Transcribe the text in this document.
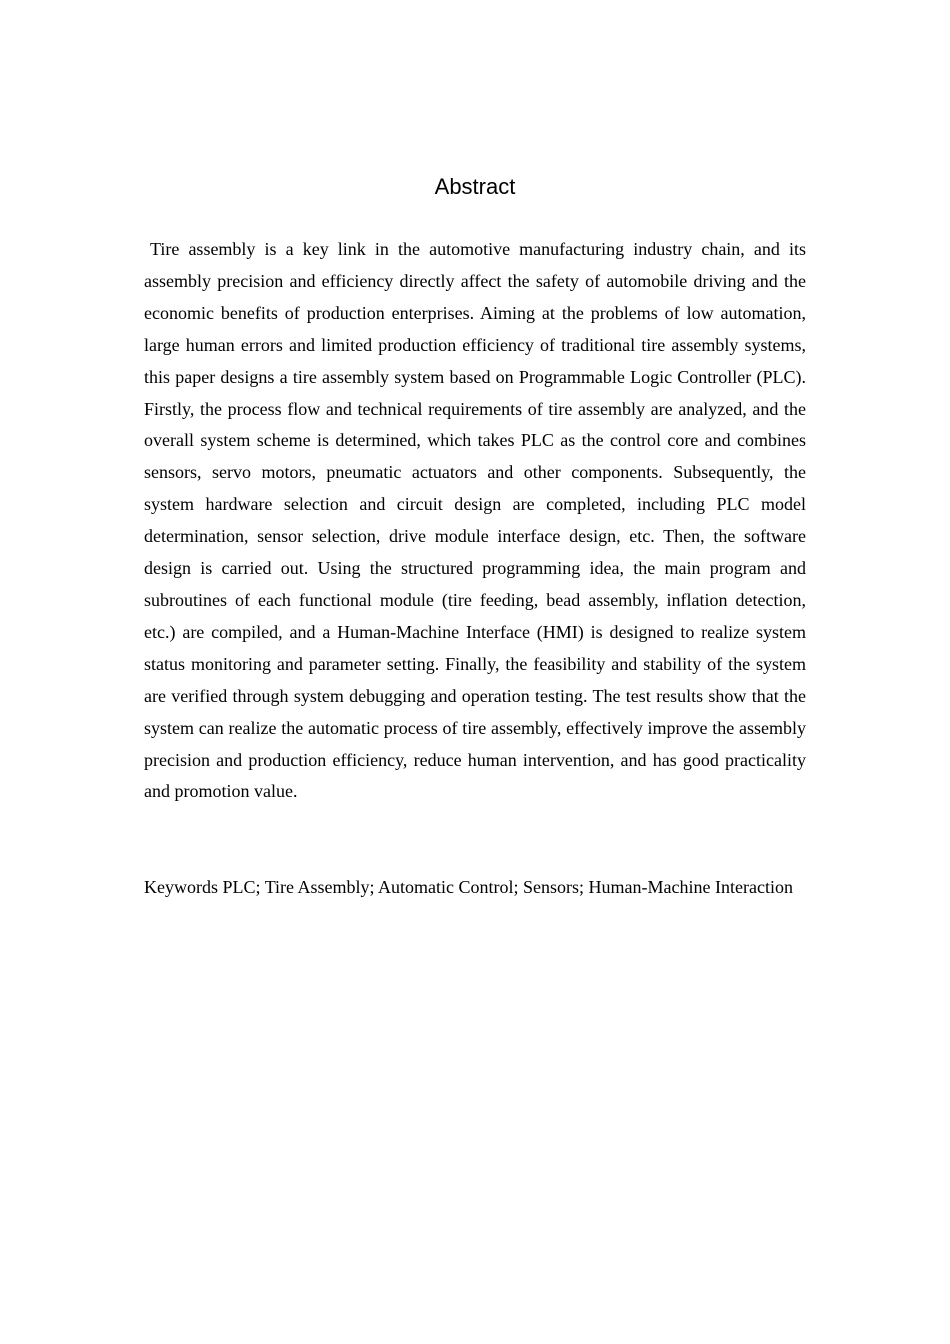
Abstract

Tire assembly is a key link in the automotive manufacturing industry chain, and its assembly precision and efficiency directly affect the safety of automobile driving and the economic benefits of production enterprises. Aiming at the problems of low automation, large human errors and limited production efficiency of traditional tire assembly systems, this paper designs a tire assembly system based on Programmable Logic Controller (PLC). Firstly, the process flow and technical requirements of tire assembly are analyzed, and the overall system scheme is determined, which takes PLC as the control core and combines sensors, servo motors, pneumatic actuators and other components. Subsequently, the system hardware selection and circuit design are completed, including PLC model determination, sensor selection, drive module interface design, etc. Then, the software design is carried out. Using the structured programming idea, the main program and subroutines of each functional module (tire feeding, bead assembly, inflation detection, etc.) are compiled, and a Human-Machine Interface (HMI) is designed to realize system status monitoring and parameter setting. Finally, the feasibility and stability of the system are verified through system debugging and operation testing. The test results show that the system can realize the automatic process of tire assembly, effectively improve the assembly precision and production efficiency, reduce human intervention, and has good practicality and promotion value.

Keywords PLC; Tire Assembly; Automatic Control; Sensors; Human-Machine Interaction
